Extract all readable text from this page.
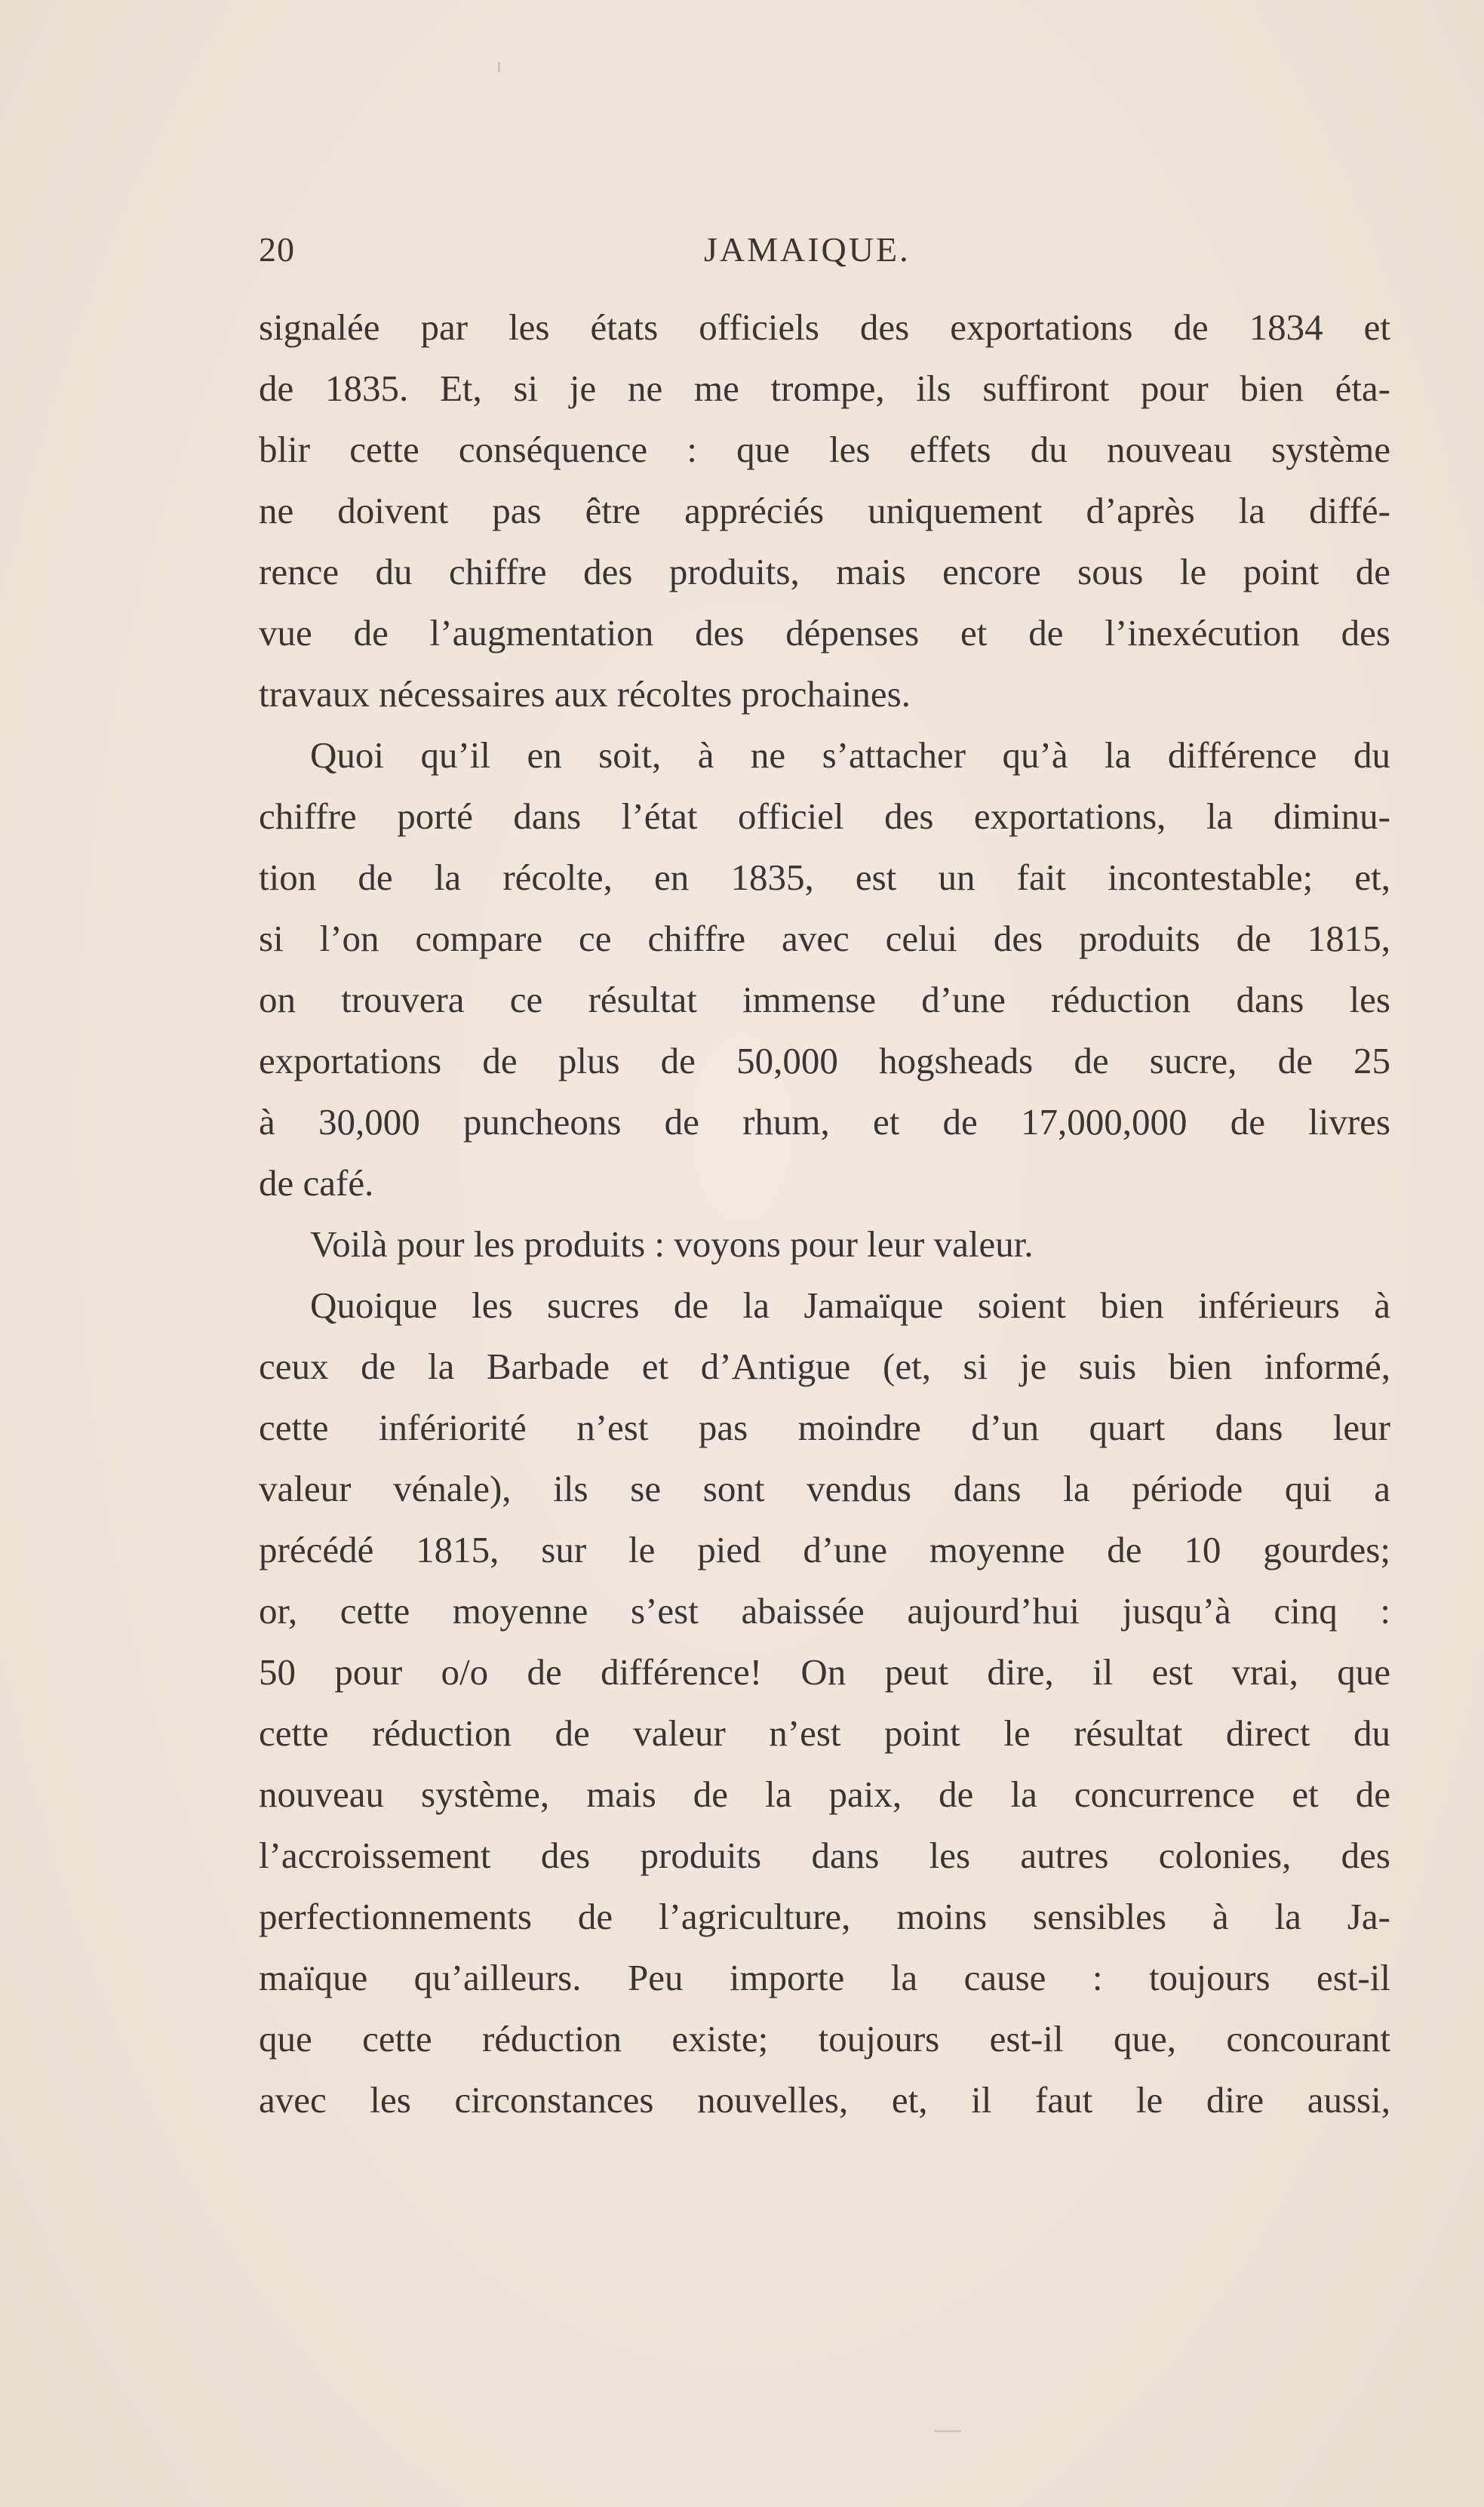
20	JAMAIQUE.
signalée par les états officiels des exportations de 1834 et
de 1835. Et, si je ne me trompe, ils suffiront pour bien éta-
blir cette conséquence : que les effets du nouveau système
ne doivent pas être appréciés uniquement d’après la diffé-
rence du chiffre des produits, mais encore sous le point de
vue de l’augmentation des dépenses et de l’inexécution des
travaux nécessaires aux récoltes prochaines.
Quoi qu’il en soit, à ne s’attacher qu’à la différence du
chiffre porté dans l’état officiel des exportations, la diminu-
tion de la récolte, en 1835, est un fait incontestable; et,
si l’on compare ce chiffre avec celui des produits de 1815,
on trouvera ce résultat immense d’une réduction dans les
exportations de plus de 50,000 hogsheads de sucre, de 25
à 30,000 puncheons de rhum, et de 17,000,000 de livres
de café.
Voilà pour les produits : voyons pour leur valeur.
Quoique les sucres de la Jamaïque soient bien inférieurs à
ceux de la Barbade et d’Antigue (et, si je suis bien informé,
cette infériorité n’est pas moindre d’un quart dans leur
valeur vénale), ils se sont vendus dans la période qui a
précédé 1815, sur le pied d’une moyenne de 10 gourdes;
or, cette moyenne s’est abaissée aujourd’hui jusqu’à cinq :
50 pour o/o de différence! On peut dire, il est vrai, que
cette réduction de valeur n’est point le résultat direct du
nouveau système, mais de la paix, de la concurrence et de
l’accroissement des produits dans les autres colonies, des
perfectionnements de l’agriculture, moins sensibles à la Ja-
maïque qu’ailleurs. Peu importe la cause : toujours est-il
que cette réduction existe; toujours est-il que, concourant
avec les circonstances nouvelles, et, il faut le dire aussi,
